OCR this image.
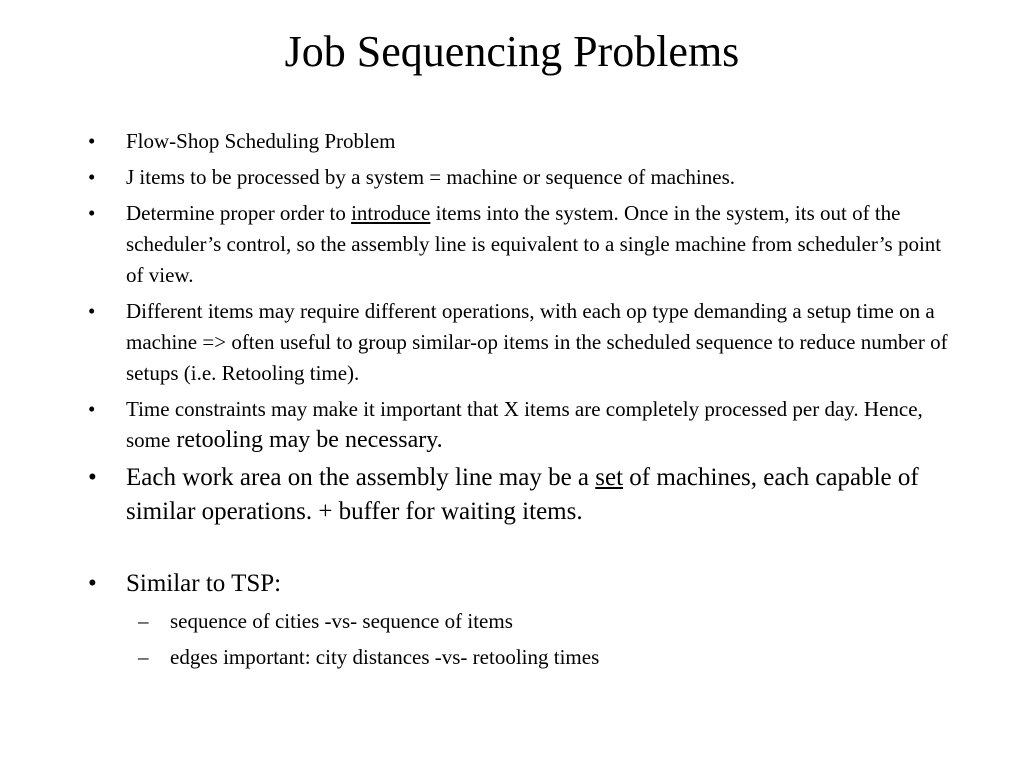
Job Sequencing Problems
• Flow-Shop Scheduling Problem
• J items to be processed by a system = machine or sequence of machines.
• Determine proper order to introduce items into the system. Once in the system, its out of the scheduler’s control, so the assembly line is equivalent to a single machine from scheduler’s point of view.
• Different items may require different operations, with each op type demanding a setup time on a machine => often useful to group similar-op items in the scheduled sequence to reduce number of setups (i.e. Retooling time).
• Time constraints may make it important that X items are completely processed per day. Hence, some retooling may be necessary.
• Each work area on the assembly line may be a set of machines, each capable of similar operations. + buffer for waiting items.
• Similar to TSP:
– sequence of cities -vs- sequence of items
– edges important: city distances -vs- retooling times
